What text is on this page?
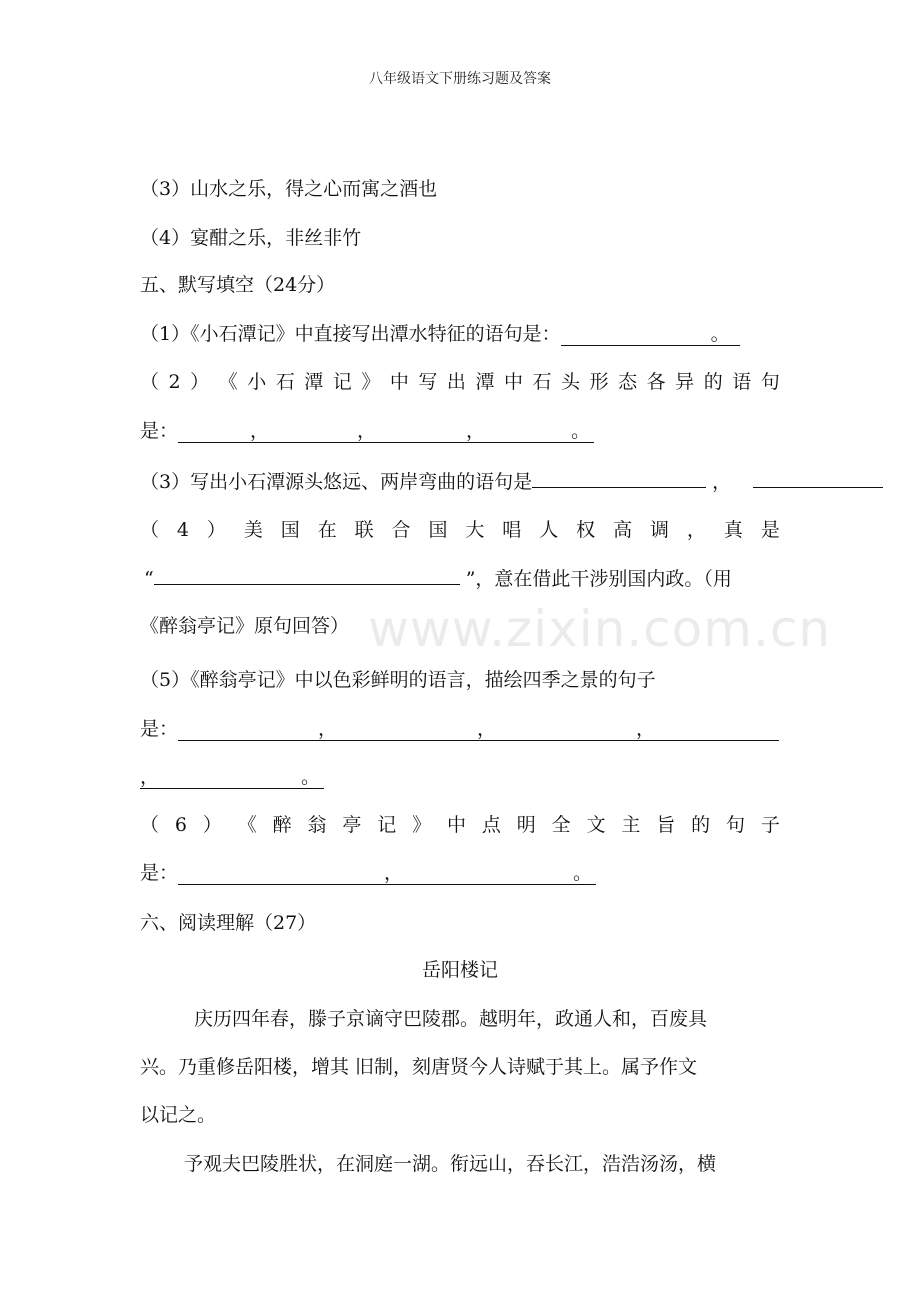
八年级语文下册练习题及答案
（3）山水之乐，得之心而寓之酒也
（4）宴酣之乐，非丝非竹
五、默写填空（24分）
（1）《小石潭记》中直接写出潭水特征的语句是：	。
（ 2 ） 《 小 石 潭 记 》 中 写 出 潭 中 石 头 形 态 各 异 的 语 句
是：	，	，	，	。
（3）写出小石潭源头悠远、两岸弯曲的语句是	，
（ 4 ） 美 国 在 联 合 国 大 唱 人 权 高 调 ， 真 是
“	”，意在借此干涉别国内政。（用
《醉翁亭记》原句回答）
（5）《醉翁亭记》中以色彩鲜明的语言，描绘四季之景的句子
是：	，	，	，
，	。
（ 6 ） 《 醉 翁 亭 记 》 中 点 明 全 文 主 旨 的 句 子
是：	，	。
六、阅读理解（27）
岳阳楼记
庆历四年春，滕子京谪守巴陵郡。越明年，政通人和，百废具
兴。乃重修岳阳楼，增其 旧制，刻唐贤今人诗赋于其上。属予作文
以记之。
予观夫巴陵胜状，在洞庭一湖。衔远山，吞长江，浩浩汤汤，横
www.zixin.com.cn
